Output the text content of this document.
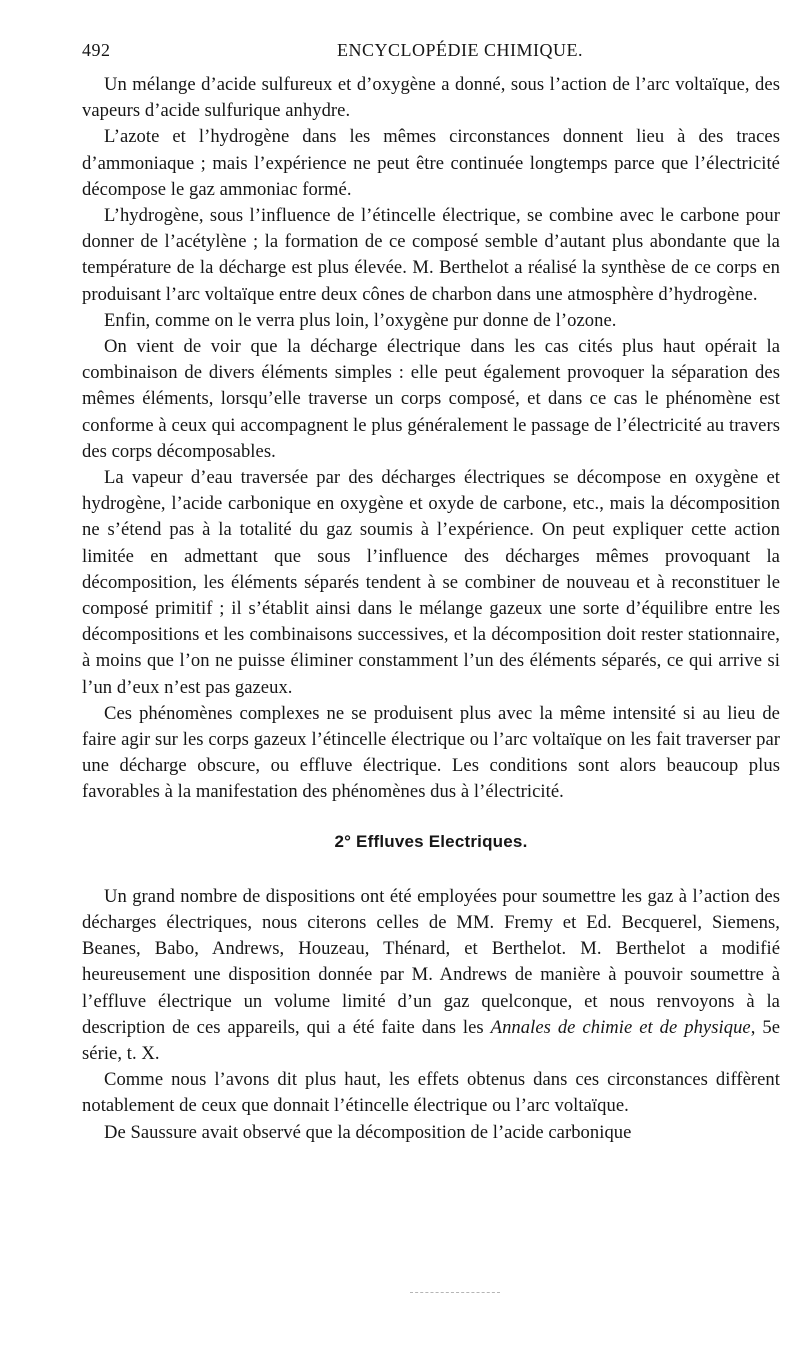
492	ENCYCLOPÉDIE CHIMIQUE.

Un mélange d’acide sulfureux et d’oxygène a donné, sous l’action de l’arc voltaïque, des vapeurs d’acide sulfurique anhydre.

L’azote et l’hydrogène dans les mêmes circonstances donnent lieu à des traces d’ammoniaque ; mais l’expérience ne peut être continuée longtemps parce que l’électricité décompose le gaz ammoniac formé.

L’hydrogène, sous l’influence de l’étincelle électrique, se combine avec le carbone pour donner de l’acétylène ; la formation de ce composé semble d’autant plus abondante que la température de la décharge est plus élevée. M. Berthelot a réalisé la synthèse de ce corps en produisant l’arc voltaïque entre deux cônes de charbon dans une atmosphère d’hydrogène.

Enfin, comme on le verra plus loin, l’oxygène pur donne de l’ozone.

On vient de voir que la décharge électrique dans les cas cités plus haut opérait la combinaison de divers éléments simples : elle peut également provoquer la séparation des mêmes éléments, lorsqu’elle traverse un corps composé, et dans ce cas le phénomène est conforme à ceux qui accompagnent le plus généralement le passage de l’électricité au travers des corps décomposables.

La vapeur d’eau traversée par des décharges électriques se décompose en oxygène et hydrogène, l’acide carbonique en oxygène et oxyde de carbone, etc., mais la décomposition ne s’étend pas à la totalité du gaz soumis à l’expérience. On peut expliquer cette action limitée en admettant que sous l’influence des décharges mêmes provoquant la décomposition, les éléments séparés tendent à se combiner de nouveau et à reconstituer le composé primitif ; il s’établit ainsi dans le mélange gazeux une sorte d’équilibre entre les décompositions et les combinaisons successives, et la décomposition doit rester stationnaire, à moins que l’on ne puisse éliminer constamment l’un des éléments séparés, ce qui arrive si l’un d’eux n’est pas gazeux.

Ces phénomènes complexes ne se produisent plus avec la même intensité si au lieu de faire agir sur les corps gazeux l’étincelle électrique ou l’arc voltaïque on les fait traverser par une décharge obscure, ou effluve électrique. Les conditions sont alors beaucoup plus favorables à la manifestation des phénomènes dus à l’électricité.

2° Effluves Electriques.

Un grand nombre de dispositions ont été employées pour soumettre les gaz à l’action des décharges électriques, nous citerons celles de MM. Fremy et Ed. Becquerel, Siemens, Beanes, Babo, Andrews, Houzeau, Thénard, et Berthelot. M. Berthelot a modifié heureusement une disposition donnée par M. Andrews de manière à pouvoir soumettre à l’effluve électrique un volume limité d’un gaz quelconque, et nous renvoyons à la description de ces appareils, qui a été faite dans les Annales de chimie et de physique, 5e série, t. X.

Comme nous l’avons dit plus haut, les effets obtenus dans ces circonstances diffèrent notablement de ceux que donnait l’étincelle électrique ou l’arc voltaïque.

De Saussure avait observé que la décomposition de l’acide carbonique
